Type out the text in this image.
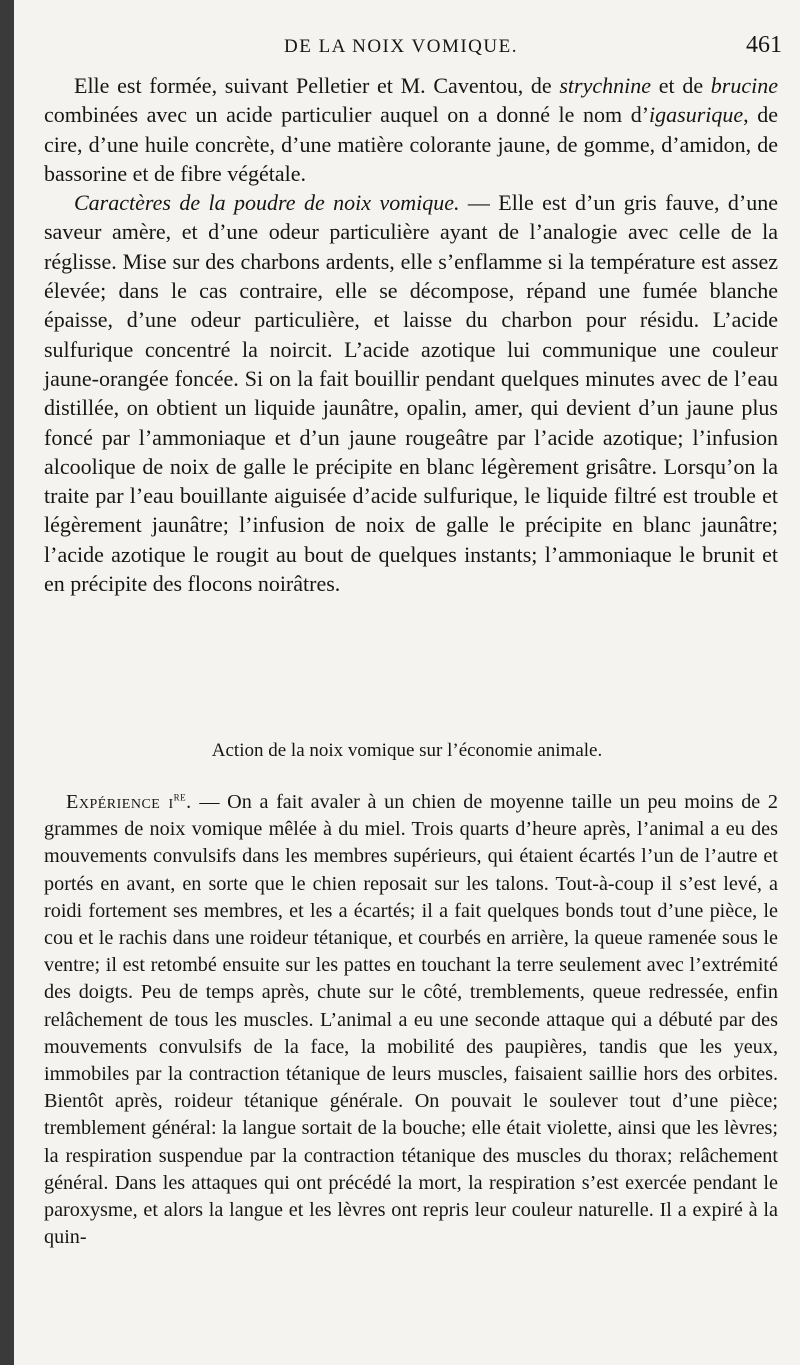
DE LA NOIX VOMIQUE.	461

Elle est formée, suivant Pelletier et M. Caventou, de strychnine et de brucine combinées avec un acide particulier auquel on a donné le nom d’igasurique, de cire, d’une huile concrète, d’une matière colorante jaune, de gomme, d’amidon, de bassorine et de fibre végétale.

Caractères de la poudre de noix vomique. — Elle est d’un gris fauve, d’une saveur amère, et d’une odeur particulière ayant de l’analogie avec celle de la réglisse. Mise sur des charbons ardents, elle s’enflamme si la température est assez élevée; dans le cas contraire, elle se décompose, répand une fumée blanche épaisse, d’une odeur particulière, et laisse du charbon pour résidu. L’acide sulfurique concentré la noircit. L’acide azotique lui communique une couleur jaune-orangée foncée. Si on la fait bouillir pendant quelques minutes avec de l’eau distillée, on obtient un liquide jaunâtre, opalin, amer, qui devient d’un jaune plus foncé par l’ammoniaque et d’un jaune rougeâtre par l’acide azotique; l’infusion alcoolique de noix de galle le précipite en blanc légèrement grisâtre. Lorsqu’on la traite par l’eau bouillante aiguisée d’acide sulfurique, le liquide filtré est trouble et légèrement jaunâtre; l’infusion de noix de galle le précipite en blanc jaunâtre; l’acide azotique le rougit au bout de quelques instants; l’ammoniaque le brunit et en précipite des flocons noirâtres.

Action de la noix vomique sur l’économie animale.

Expérience $i^{re}$. — On a fait avaler à un chien de moyenne taille un peu moins de 2 grammes de noix vomique mêlée à du miel. Trois quarts d’heure après, l’animal a eu des mouvements convulsifs dans les membres supérieurs, qui étaient écartés l’un de l’autre et portés en avant, en sorte que le chien reposait sur les talons. Tout-à-coup il s’est levé, a roidi fortement ses membres, et les a écartés; il a fait quelques bonds tout d’une pièce, le cou et le rachis dans une roideur tétanique, et courbés en arrière, la queue ramenée sous le ventre; il est retombé ensuite sur les pattes en touchant la terre seulement avec l’extrémité des doigts. Peu de temps après, chute sur le côté, tremblements, queue redressée, enfin relâchement de tous les muscles. L’animal a eu une seconde attaque qui a débuté par des mouvements convulsifs de la face, la mobilité des paupières, tandis que les yeux, immobiles par la contraction tétanique de leurs muscles, faisaient saillie hors des orbites. Bientôt après, roideur tétanique générale. On pouvait le soulever tout d’une pièce; tremblement général: la langue sortait de la bouche; elle était violette, ainsi que les lèvres; la respiration suspendue par la contraction tétanique des muscles du thorax; relâchement général. Dans les attaques qui ont précédé la mort, la respiration s’est exercée pendant le paroxysme, et alors la langue et les lèvres ont repris leur couleur naturelle. Il a expiré à la quin-
